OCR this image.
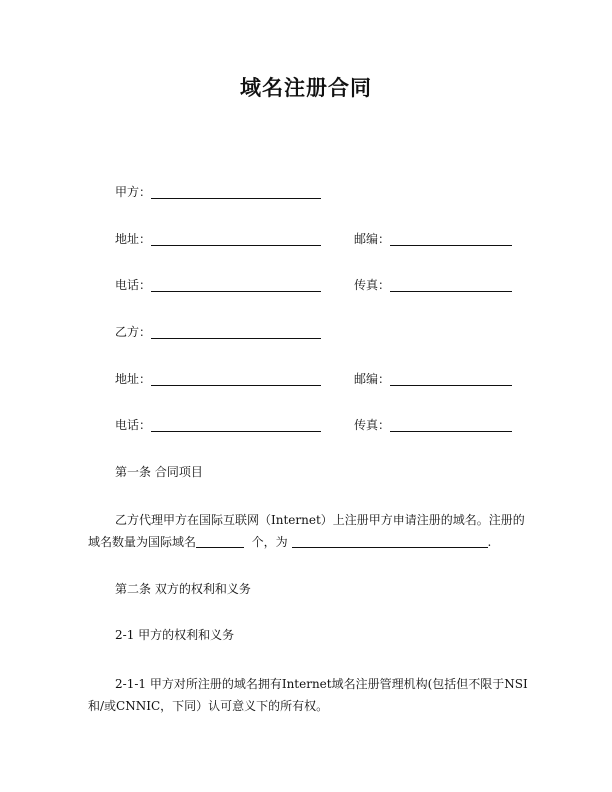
域名注册合同
甲方：
地址：	邮编：
电话：	传真：
乙方：
地址：	邮编：
电话：	传真：

第一条 合同项目

乙方代理甲方在国际互联网（Internet）上注册甲方申请注册的域名。注册的
域名数量为国际域名	个，为	.

第二条 双方的权利和义务

2-1 甲方的权利和义务

2-1-1 甲方对所注册的域名拥有Internet域名注册管理机构(包括但不限于NSI
和/或CNNIC，下同）认可意义下的所有权。
